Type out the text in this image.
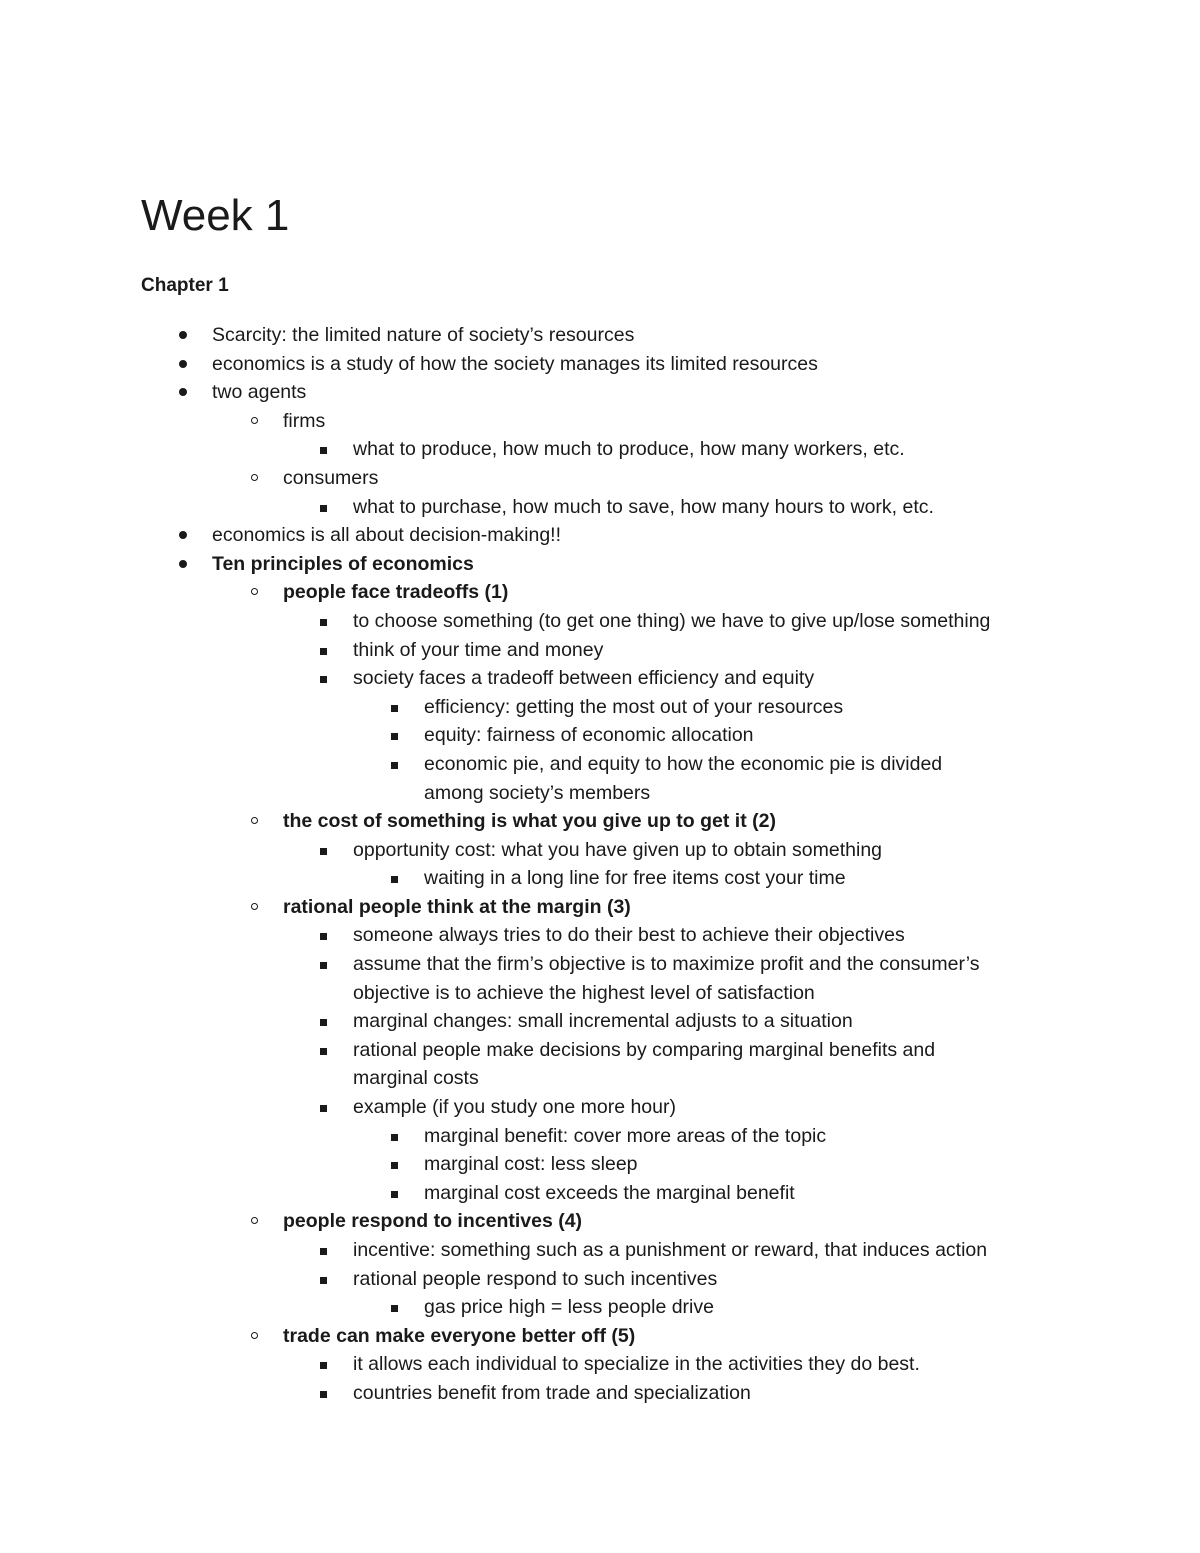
Week 1
Chapter 1
Scarcity: the limited nature of society’s resources
economics is a study of how the society manages its limited resources
two agents
firms
what to produce, how much to produce, how many workers, etc.
consumers
what to purchase, how much to save, how many hours to work, etc.
economics is all about decision-making!!
Ten principles of economics
people face tradeoffs (1)
to choose something (to get one thing) we have to give up/lose something
think of your time and money
society faces a tradeoff between efficiency and equity
efficiency: getting the most out of your resources
equity: fairness of economic allocation
economic pie, and equity to how the economic pie is divided
among society’s members
the cost of something is what you give up to get it (2)
opportunity cost: what you have given up to obtain something
waiting in a long line for free items cost your time
rational people think at the margin (3)
someone always tries to do their best to achieve their objectives
assume that the firm’s objective is to maximize profit and the consumer’s
objective is to achieve the highest level of satisfaction
marginal changes: small incremental adjusts to a situation
rational people make decisions by comparing marginal benefits and
marginal costs
example (if you study one more hour)
marginal benefit: cover more areas of the topic
marginal cost: less sleep
marginal cost exceeds the marginal benefit
people respond to incentives (4)
incentive: something such as a punishment or reward, that induces action
rational people respond to such incentives
gas price high = less people drive
trade can make everyone better off (5)
it allows each individual to specialize in the activities they do best.
countries benefit from trade and specialization
